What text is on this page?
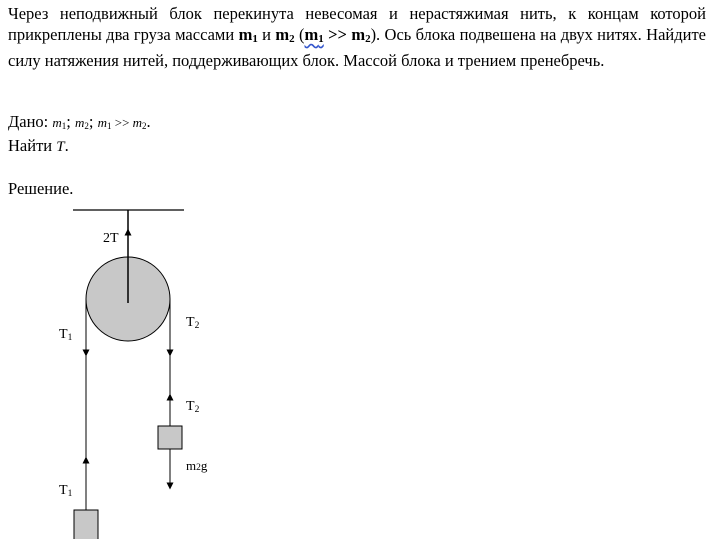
Через неподвижный блок перекинута невесомая и нерастяжимая нить, к концам которой прикреплены два груза массами m1 и m2 (m1 >> m2). Ось блока подвешена на двух нитях. Найдите силу натяжения нитей, поддерживающих блок. Массой блока и трением пренебречь.
Дано: m1; m2; m1 >> m2.
Найти T.
Решение.
2T
T1
T2
T2
m2g
T1
